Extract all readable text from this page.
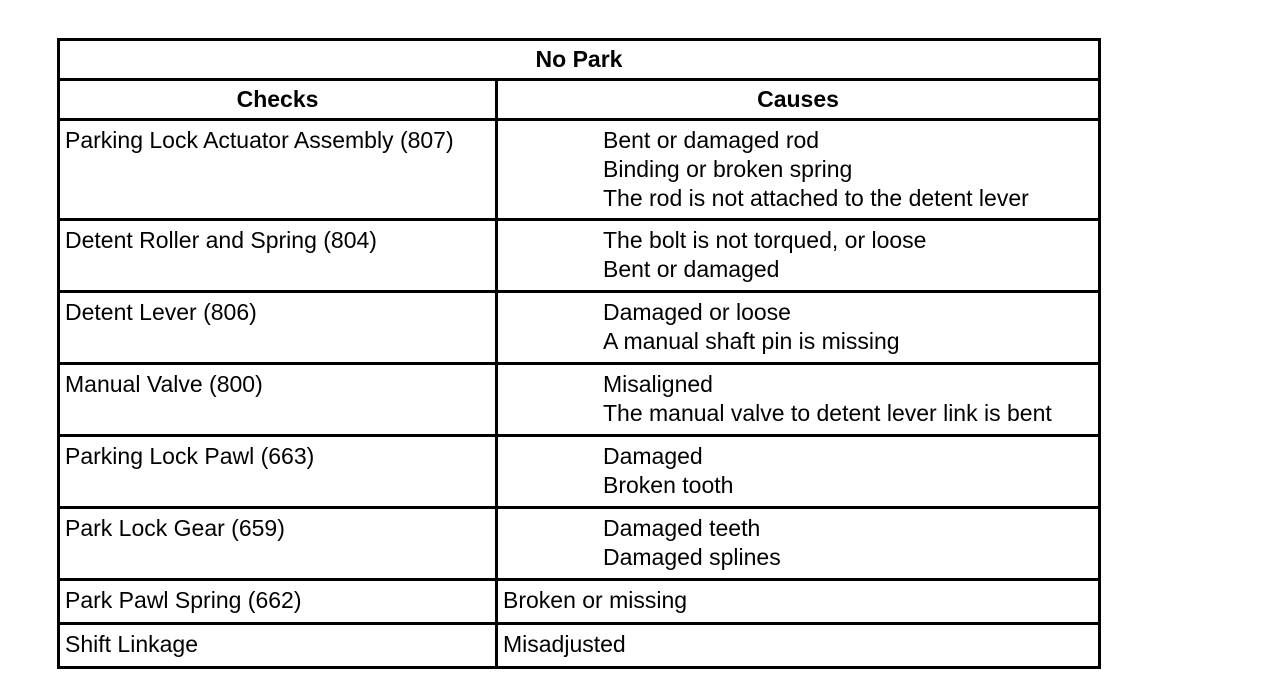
No Park	
Checks	Causes
Parking Lock Actuator Assembly (807)	Bent or damaged rod
Binding or broken spring
The rod is not attached to the detent lever

Detent Roller and Spring (804)	The bolt is not torqued, or loose
Bent or damaged

Detent Lever (806)	Damaged or loose
A manual shaft pin is missing

Manual Valve (800)	Misaligned
The manual valve to detent lever link is bent

Parking Lock Pawl (663)	Damaged
Broken tooth

Park Lock Gear (659)	Damaged teeth
Damaged splines

Park Pawl Spring (662)	Broken or missing

Shift Linkage	Misadjusted
